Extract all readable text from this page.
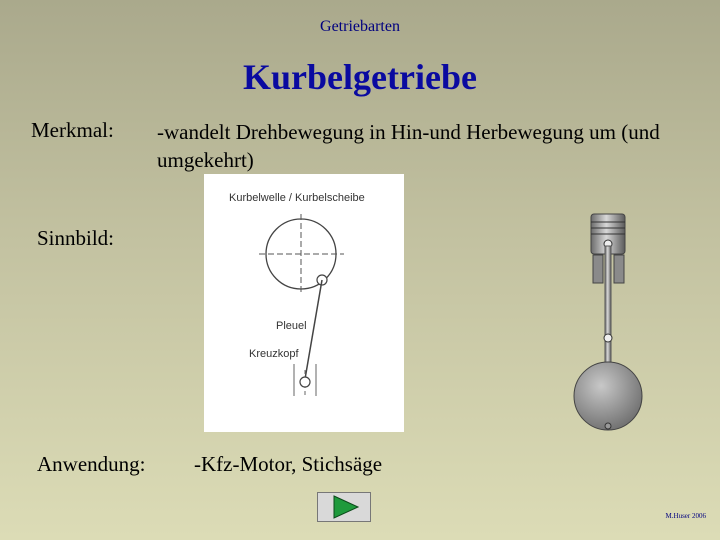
Getriebarten
Kurbelgetriebe
Merkmal: -wandelt Drehbewegung in Hin-und Herbewegung um (und umgekehrt)
Sinnbild:
Kurbelwelle / Kurbelscheibe
Pleuel
Kreuzkopf
Anwendung: -Kfz-Motor, Stichsäge
M.Huser 2006
